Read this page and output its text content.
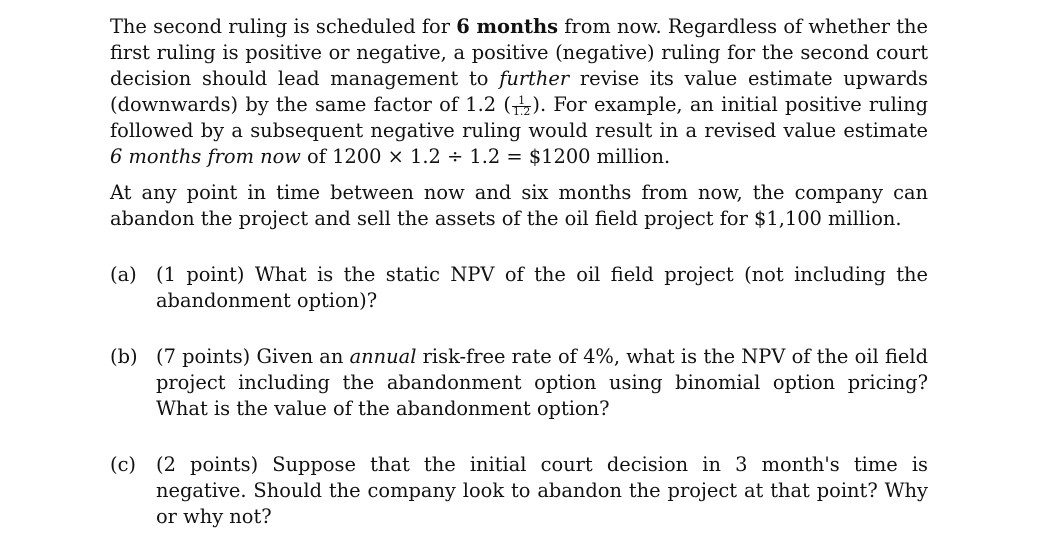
The second ruling is scheduled for 6 months from now. Regardless of whether the first ruling is positive or negative, a positive (negative) ruling for the second court decision should lead management to further revise its value estimate upwards (downwards) by the same factor of 1.2 ( $\frac{1}{1.2}$ ). For example, an initial positive ruling followed by a subsequent negative ruling would result in a revised value estimate 6 months from now of 1200 × 1.2 ÷ 1.2 = $1200 million.

At any point in time between now and six months from now, the company can abandon the project and sell the assets of the oil field project for $1,100 million.

(a) (1 point) What is the static NPV of the oil field project (not including the abandonment option)?
(b) (7 points) Given an annual risk-free rate of 4%, what is the NPV of the oil field project including the abandonment option using binomial option pricing? What is the value of the abandonment option?
(c)	(2 points) Suppose that the initial court decision in 3 month's time is negative. Should the company look to abandon the project at that point? Why or why not?
